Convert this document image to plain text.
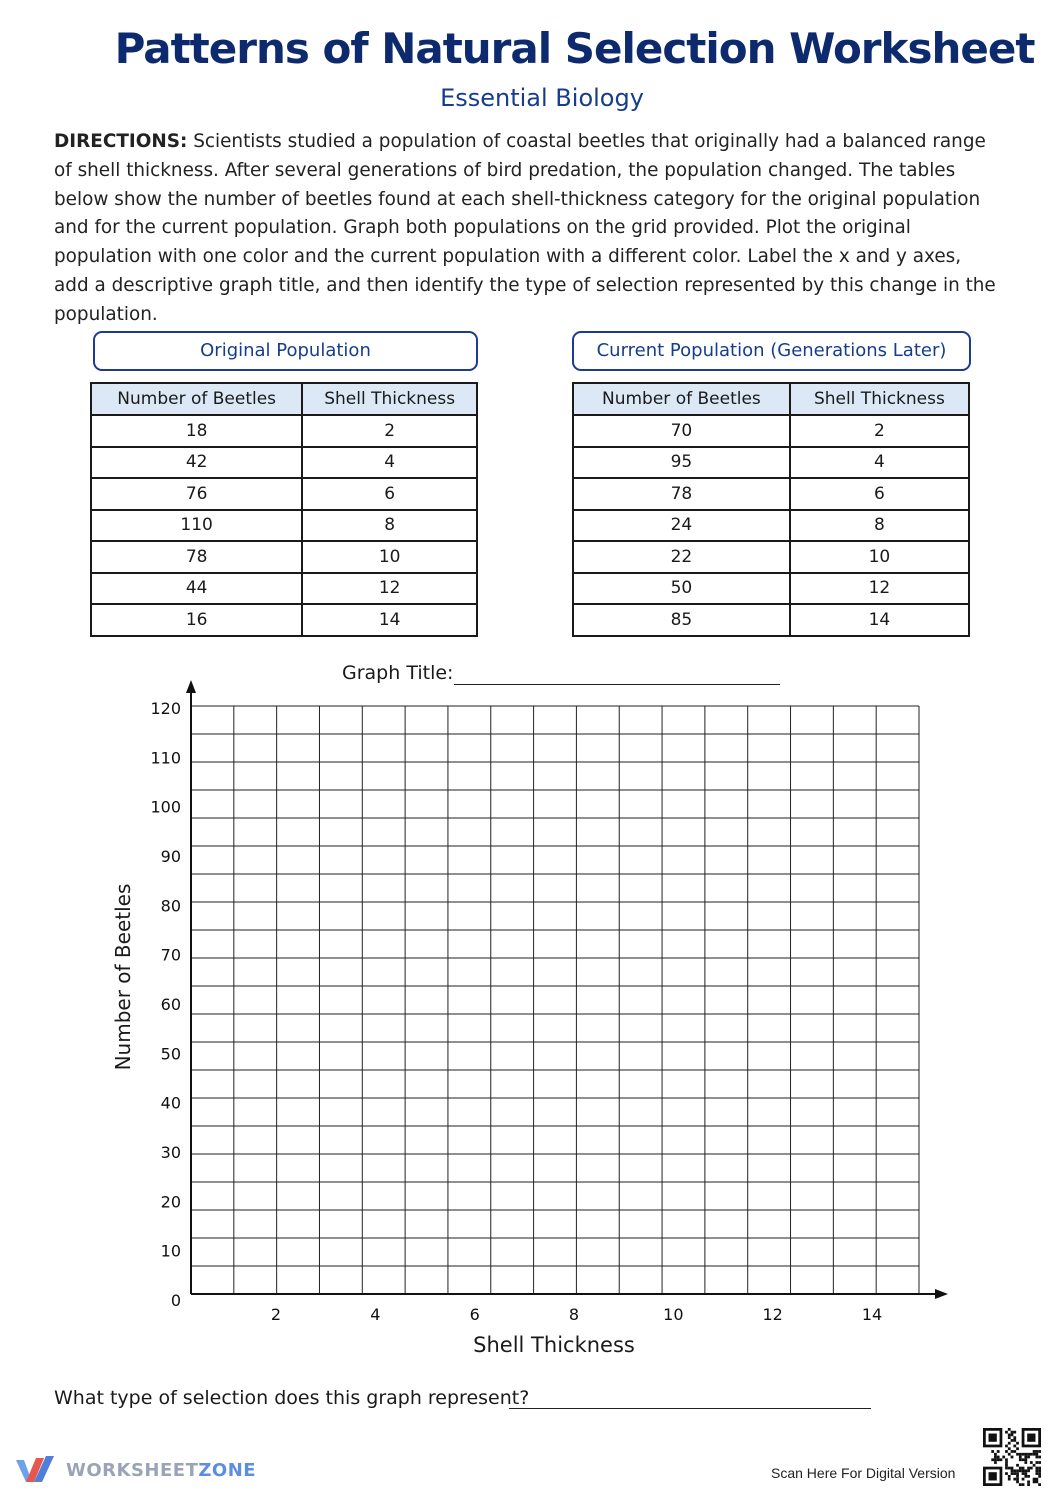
Patterns of Natural Selection Worksheet
Essential Biology
DIRECTIONS: Scientists studied a population of coastal beetles that originally had a balanced range of shell thickness. After several generations of bird predation, the population changed. The tables below show the number of beetles found at each shell-thickness category for the original population and for the current population. Graph both populations on the grid provided. Plot the original population with one color and the current population with a different color. Label the x and y axes, add a descriptive graph title, and then identify the type of selection represented by this change in the population.
Original Population
Number of Beetles	Shell Thickness
18	2
42	4
76	6
110	8
78	10
44	12
16	14
Current Population (Generations Later)
Number of Beetles	Shell Thickness
70	2
95	4
78	6
24	8
22	10
50	12
85	14
Graph Title:
0
10
20
30
40
50
60
70
80
90
100
110
120
2	4	6	8	10	12	14
Number of Beetles
Shell Thickness
What type of selection does this graph represent?
WORKSHEETZONE	Scan Here For Digital Version
